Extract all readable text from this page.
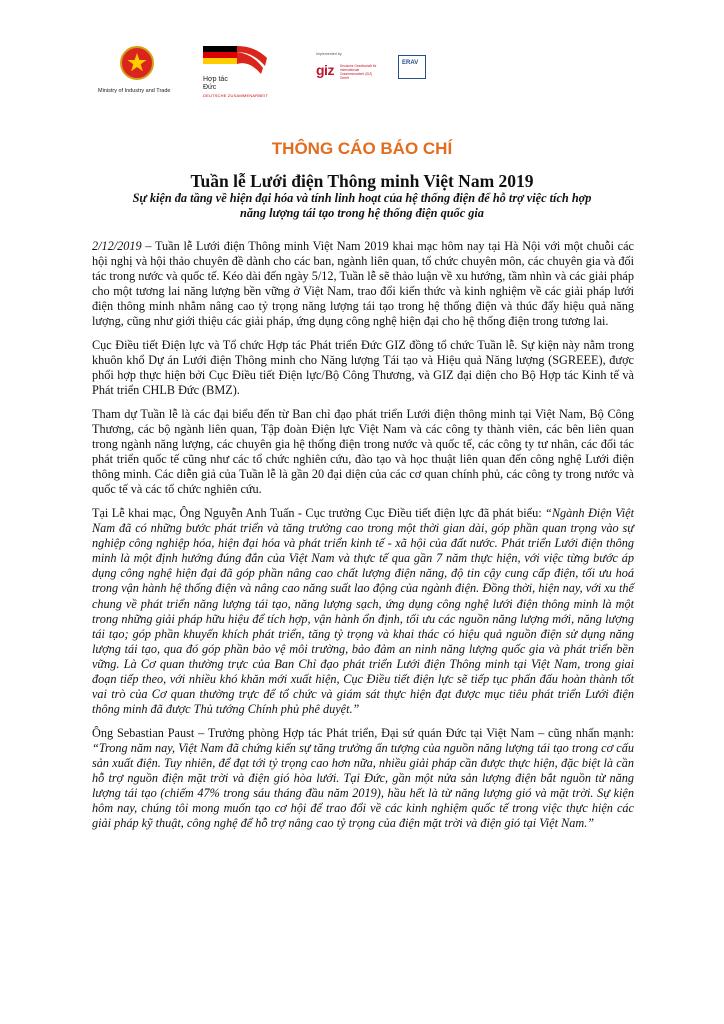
Ministry of Industry and Trade
Hợp tác
Đức
DEUTSCHE ZUSAMMENARBEIT
Implemented by
giz Deutsche Gesellschaft für Internationale Zusammenarbeit (GIZ) GmbH
ERAV
THÔNG CÁO BÁO CHÍ
Tuần lễ Lưới điện Thông minh Việt Nam 2019
Sự kiện đa tầng về hiện đại hóa và tính linh hoạt của hệ thống điện để hỗ trợ việc tích hợp năng lượng tái tạo trong hệ thống điện quốc gia

2/12/2019 – Tuần lễ Lưới điện Thông minh Việt Nam 2019 khai mạc hôm nay tại Hà Nội với một chuỗi các hội nghị và hội thảo chuyên đề dành cho các ban, ngành liên quan, tổ chức chuyên môn, các chuyên gia và đối tác trong nước và quốc tế. Kéo dài đến ngày 5/12, Tuần lễ sẽ thảo luận về xu hướng, tầm nhìn và các giải pháp cho một tương lai năng lượng bền vững ở Việt Nam, trao đổi kiến thức và kinh nghiệm về các giải pháp lưới điện thông minh nhằm nâng cao tỷ trọng năng lượng tái tạo trong hệ thống điện và thúc đẩy hiệu quả năng lượng, cũng như giới thiệu các giải pháp, ứng dụng công nghệ hiện đại cho hệ thống điện trong tương lai.

Cục Điều tiết Điện lực và Tổ chức Hợp tác Phát triển Đức GIZ đồng tổ chức Tuần lễ. Sự kiện này nằm trong khuôn khổ Dự án Lưới điện Thông minh cho Năng lượng Tái tạo và Hiệu quả Năng lượng (SGREEE), được phối hợp thực hiện bởi Cục Điều tiết Điện lực/Bộ Công Thương, và GIZ đại diện cho Bộ Hợp tác Kinh tế và Phát triển CHLB Đức (BMZ).

Tham dự Tuần lễ là các đại biểu đến từ Ban chỉ đạo phát triển Lưới điện thông minh tại Việt Nam, Bộ Công Thương, các bộ ngành liên quan, Tập đoàn Điện lực Việt Nam và các công ty thành viên, các bên liên quan trong ngành năng lượng, các chuyên gia hệ thống điện trong nước và quốc tế, các công ty tư nhân, các đối tác phát triển quốc tế cũng như các tổ chức nghiên cứu, đào tạo và học thuật liên quan đến công nghệ Lưới điện thông minh. Các diễn giả của Tuần lễ là gần 20 đại diện của các cơ quan chính phủ, các công ty trong nước và quốc tế và các tổ chức nghiên cứu.

Tại Lễ khai mạc, Ông Nguyễn Anh Tuấn - Cục trưởng Cục Điều tiết điện lực đã phát biểu: “Ngành Điện Việt Nam đã có những bước phát triển và tăng trưởng cao trong một thời gian dài, góp phần quan trọng vào sự nghiệp công nghiệp hóa, hiện đại hóa và phát triển kinh tế - xã hội của đất nước. Phát triển Lưới điện thông minh là một định hướng đúng đắn của Việt Nam và thực tế qua gần 7 năm thực hiện, với việc từng bước áp dụng công nghệ hiện đại đã góp phần nâng cao chất lượng điện năng, độ tin cậy cung cấp điện, tối ưu hoá trong vận hành hệ thống điện và nâng cao năng suất lao động của ngành điện. Đồng thời, hiện nay, với xu thế chung về phát triển năng lượng tái tạo, năng lượng sạch, ứng dụng công nghệ lưới điện thông minh là một trong những giải pháp hữu hiệu để tích hợp, vận hành ổn định, tối ưu các nguồn năng lượng mới, năng lượng tái tạo; góp phần khuyến khích phát triển, tăng tỷ trọng và khai thác có hiệu quả nguồn điện sử dụng năng lượng tái tạo, qua đó góp phần bảo vệ môi trường, bảo đảm an ninh năng lượng quốc gia và phát triển bền vững. Là Cơ quan thường trực của Ban Chỉ đạo phát triển Lưới điện Thông minh tại Việt Nam, trong giai đoạn tiếp theo, với nhiều khó khăn mới xuất hiện, Cục Điều tiết điện lực sẽ tiếp tục phấn đấu hoàn thành tốt vai trò của Cơ quan thường trực để tổ chức và giám sát thực hiện đạt được mục tiêu phát triển Lưới điện thông minh đã được Thủ tướng Chính phủ phê duyệt.”

Ông Sebastian Paust – Trưởng phòng Hợp tác Phát triển, Đại sứ quán Đức tại Việt Nam – cũng nhấn mạnh: “Trong năm nay, Việt Nam đã chứng kiến sự tăng trưởng ấn tượng của nguồn năng lượng tái tạo trong cơ cấu sản xuất điện. Tuy nhiên, để đạt tới tỷ trọng cao hơn nữa, nhiều giải pháp cần được thực hiện, đặc biệt là cần hỗ trợ nguồn điện mặt trời và điện gió hòa lưới. Tại Đức, gần một nửa sản lượng điện bắt nguồn từ năng lượng tái tạo (chiếm 47% trong sáu tháng đầu năm 2019), hầu hết là từ năng lượng gió và mặt trời. Sự kiện hôm nay, chúng tôi mong muốn tạo cơ hội để trao đổi về các kinh nghiệm quốc tế trong việc thực hiện các giải pháp kỹ thuật, công nghệ để hỗ trợ nâng cao tỷ trọng của điện mặt trời và điện gió tại Việt Nam.”
